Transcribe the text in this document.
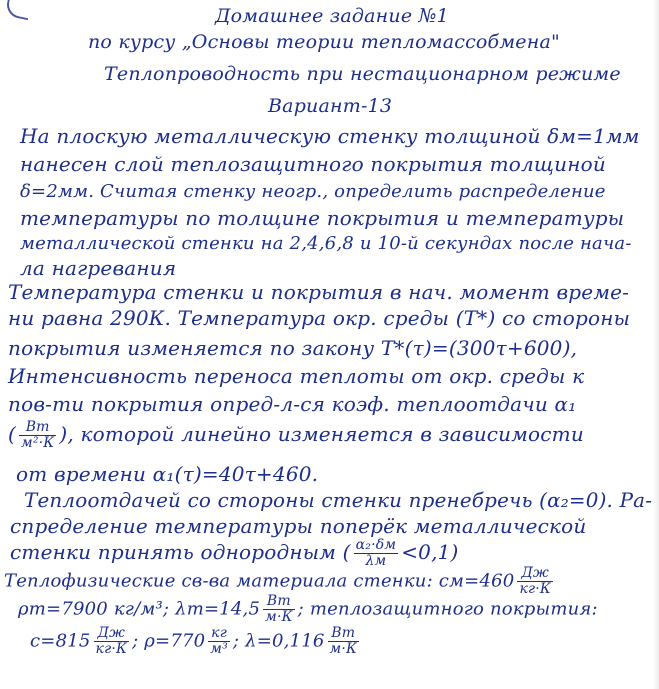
Домашнее задание №1
по курсу „Основы теории тепломассобмена"
Теплопроводность при нестационарном режиме
Вариант-13
На плоскую металлическую стенку толщиной δм=1мм
нанесен слой теплозащитного покрытия толщиной
δ=2мм. Считая стенку неогр., определить распределение
температуры по толщине покрытия и температуры
металлической стенки на 2,4,6,8 и 10-й секундах после нача-
ла нагревания
Температура стенки и покрытия в нач. момент време-
ни равна 290К. Температура окр. среды (T*) со стороны
покрытия изменяется по закону T*(τ)=(300τ+600),
Интенсивность переноса теплоты от окр. среды к
пов-ти покрытия опред-л-ся коэф. теплоотдачи α₁
( $\frac{Вт}{\text{м²·К}}$ ), которой линейно изменяется в зависимости
от времени α₁(τ)=40τ+460.
Теплоотдачей со стороны стенки пренебречь (α₂=0). Ра-
спределение температуры поперёк металлической
стенки принять однородным ( $\frac{\text{α₂·δм}}{\lambda м} <0,1$)
Теплофизические св-ва материала стенки: $cм=460 \frac{Дж}{кг\cdot К}$
ρm=7900 кг/м³; $\lambda m=14,5 \frac{Вт}{м\cdot К}$ ; теплозащитного покрытия:
$c=815 \frac{Дж}{кг\cdot К}$ ; $\rho=770 \frac{кг}{\text{м³}}$ ; $\lambda=0,116 \frac{Вт}{м\cdot К}$
